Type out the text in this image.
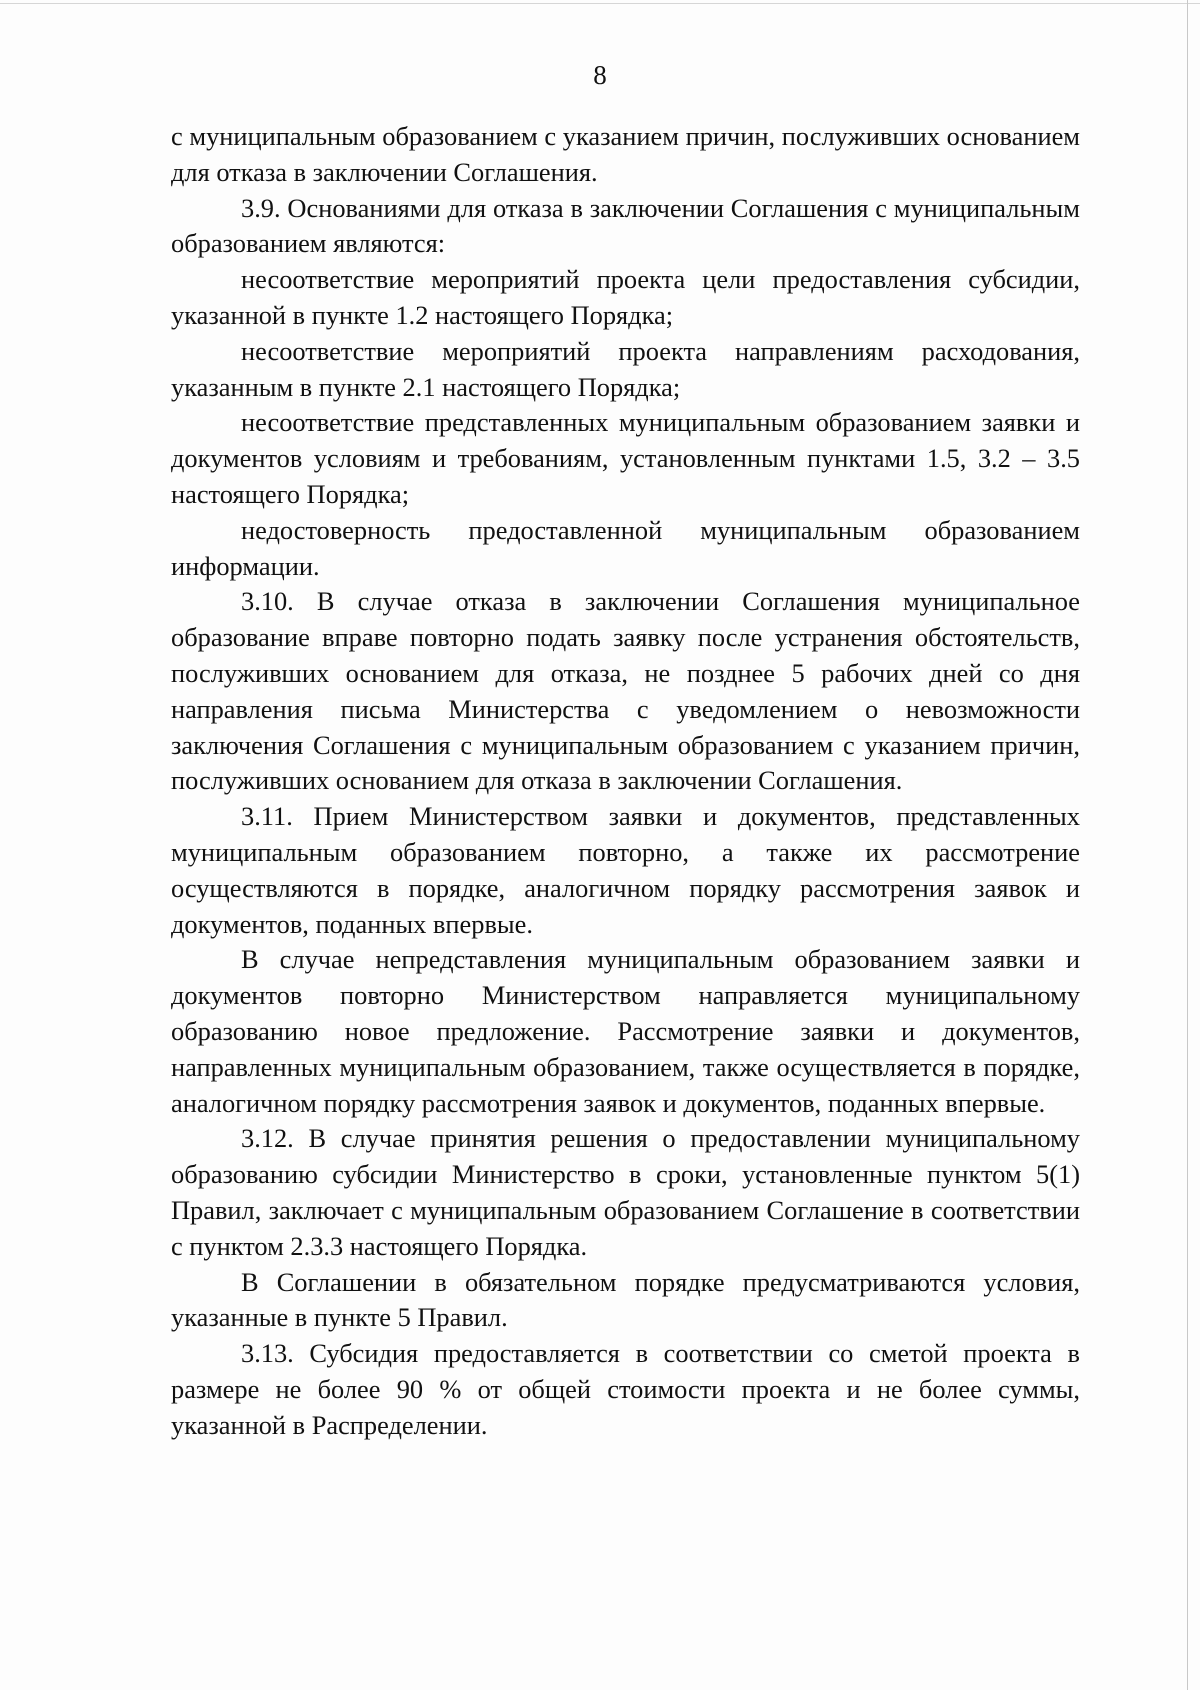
8

с муниципальным образованием с указанием причин, послуживших основанием для отказа в заключении Соглашения.

3.9. Основаниями для отказа в заключении Соглашения с муниципальным образованием являются:

несоответствие мероприятий проекта цели предоставления субсидии, указанной в пункте 1.2 настоящего Порядка;

несоответствие мероприятий проекта направлениям расходования, указанным в пункте 2.1 настоящего Порядка;

несоответствие представленных муниципальным образованием заявки и документов условиям и требованиям, установленным пунктами 1.5, 3.2 – 3.5 настоящего Порядка;

недостоверность предоставленной муниципальным образованием информации.

3.10. В случае отказа в заключении Соглашения муниципальное образование вправе повторно подать заявку после устранения обстоятельств, послуживших основанием для отказа, не позднее 5 рабочих дней со дня направления письма Министерства с уведомлением о невозможности заключения Соглашения с муниципальным образованием с указанием причин, послуживших основанием для отказа в заключении Соглашения.

3.11. Прием Министерством заявки и документов, представленных муниципальным образованием повторно, а также их рассмотрение осуществляются в порядке, аналогичном порядку рассмотрения заявок и документов, поданных впервые.

В случае непредставления муниципальным образованием заявки и документов повторно Министерством направляется муниципальному образованию новое предложение. Рассмотрение заявки и документов, направленных муниципальным образованием, также осуществляется в порядке, аналогичном порядку рассмотрения заявок и документов, поданных впервые.

3.12. В случае принятия решения о предоставлении муниципальному образованию субсидии Министерство в сроки, установленные пунктом 5(1) Правил, заключает с муниципальным образованием Соглашение в соответствии с пунктом 2.3.3 настоящего Порядка.

В Соглашении в обязательном порядке предусматриваются условия, указанные в пункте 5 Правил.

3.13. Субсидия предоставляется в соответствии со сметой проекта в размере не более 90 % от общей стоимости проекта и не более суммы, указанной в Распределении.
